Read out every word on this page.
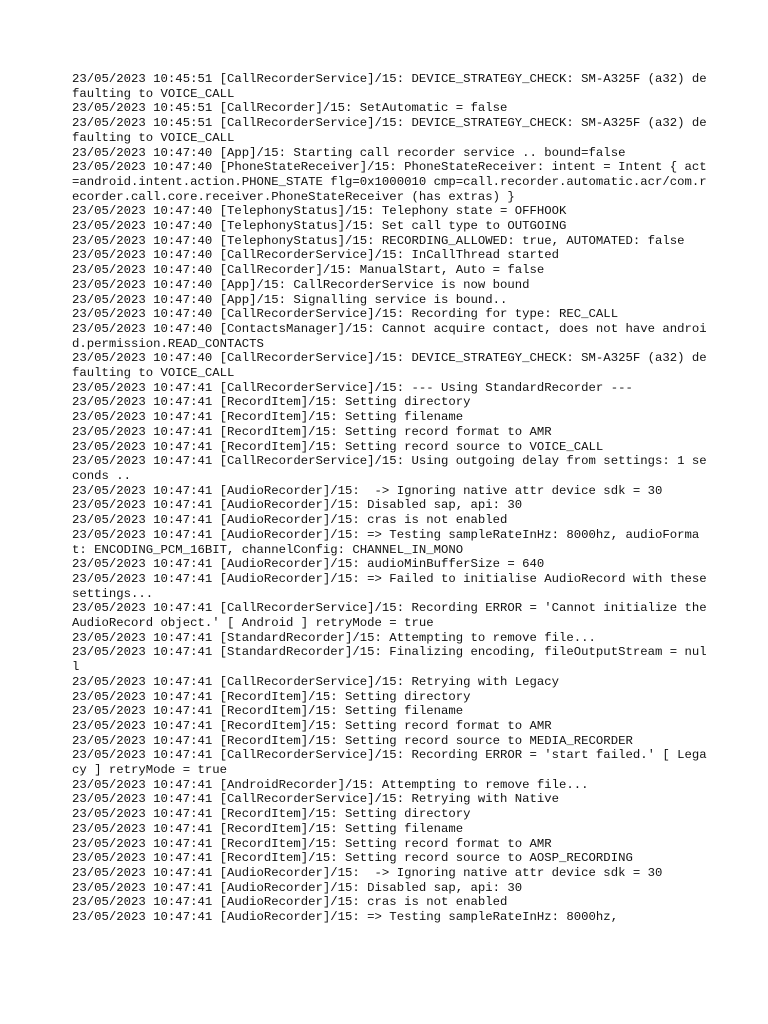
23/05/2023 10:45:51 [CallRecorderService]/15: DEVICE_STRATEGY_CHECK: SM-A325F (a32) defaulting to VOICE_CALL
23/05/2023 10:45:51 [CallRecorder]/15: SetAutomatic = false
23/05/2023 10:45:51 [CallRecorderService]/15: DEVICE_STRATEGY_CHECK: SM-A325F (a32) defaulting to VOICE_CALL
23/05/2023 10:47:40 [App]/15: Starting call recorder service .. bound=false
23/05/2023 10:47:40 [PhoneStateReceiver]/15: PhoneStateReceiver: intent = Intent { act=android.intent.action.PHONE_STATE flg=0x1000010 cmp=call.recorder.automatic.acr/com.recorder.call.core.receiver.PhoneStateReceiver (has extras) }
23/05/2023 10:47:40 [TelephonyStatus]/15: Telephony state = OFFHOOK
23/05/2023 10:47:40 [TelephonyStatus]/15: Set call type to OUTGOING
23/05/2023 10:47:40 [TelephonyStatus]/15: RECORDING_ALLOWED: true, AUTOMATED: false
23/05/2023 10:47:40 [CallRecorderService]/15: InCallThread started
23/05/2023 10:47:40 [CallRecorder]/15: ManualStart, Auto = false
23/05/2023 10:47:40 [App]/15: CallRecorderService is now bound
23/05/2023 10:47:40 [App]/15: Signalling service is bound..
23/05/2023 10:47:40 [CallRecorderService]/15: Recording for type: REC_CALL
23/05/2023 10:47:40 [ContactsManager]/15: Cannot acquire contact, does not have android.permission.READ_CONTACTS
23/05/2023 10:47:40 [CallRecorderService]/15: DEVICE_STRATEGY_CHECK: SM-A325F (a32) defaulting to VOICE_CALL
23/05/2023 10:47:41 [CallRecorderService]/15: --- Using StandardRecorder ---
23/05/2023 10:47:41 [RecordItem]/15: Setting directory
23/05/2023 10:47:41 [RecordItem]/15: Setting filename
23/05/2023 10:47:41 [RecordItem]/15: Setting record format to AMR
23/05/2023 10:47:41 [RecordItem]/15: Setting record source to VOICE_CALL
23/05/2023 10:47:41 [CallRecorderService]/15: Using outgoing delay from settings: 1 seconds ..
23/05/2023 10:47:41 [AudioRecorder]/15:  -> Ignoring native attr device sdk = 30
23/05/2023 10:47:41 [AudioRecorder]/15: Disabled sap, api: 30
23/05/2023 10:47:41 [AudioRecorder]/15: cras is not enabled
23/05/2023 10:47:41 [AudioRecorder]/15: => Testing sampleRateInHz: 8000hz, audioFormat: ENCODING_PCM_16BIT, channelConfig: CHANNEL_IN_MONO
23/05/2023 10:47:41 [AudioRecorder]/15: audioMinBufferSize = 640
23/05/2023 10:47:41 [AudioRecorder]/15: => Failed to initialise AudioRecord with these settings...
23/05/2023 10:47:41 [CallRecorderService]/15: Recording ERROR = 'Cannot initialize the AudioRecord object.' [ Android ] retryMode = true
23/05/2023 10:47:41 [StandardRecorder]/15: Attempting to remove file...
23/05/2023 10:47:41 [StandardRecorder]/15: Finalizing encoding, fileOutputStream = null
23/05/2023 10:47:41 [CallRecorderService]/15: Retrying with Legacy
23/05/2023 10:47:41 [RecordItem]/15: Setting directory
23/05/2023 10:47:41 [RecordItem]/15: Setting filename
23/05/2023 10:47:41 [RecordItem]/15: Setting record format to AMR
23/05/2023 10:47:41 [RecordItem]/15: Setting record source to MEDIA_RECORDER
23/05/2023 10:47:41 [CallRecorderService]/15: Recording ERROR = 'start failed.' [ Legacy ] retryMode = true
23/05/2023 10:47:41 [AndroidRecorder]/15: Attempting to remove file...
23/05/2023 10:47:41 [CallRecorderService]/15: Retrying with Native
23/05/2023 10:47:41 [RecordItem]/15: Setting directory
23/05/2023 10:47:41 [RecordItem]/15: Setting filename
23/05/2023 10:47:41 [RecordItem]/15: Setting record format to AMR
23/05/2023 10:47:41 [RecordItem]/15: Setting record source to AOSP_RECORDING
23/05/2023 10:47:41 [AudioRecorder]/15:  -> Ignoring native attr device sdk = 30
23/05/2023 10:47:41 [AudioRecorder]/15: Disabled sap, api: 30
23/05/2023 10:47:41 [AudioRecorder]/15: cras is not enabled
23/05/2023 10:47:41 [AudioRecorder]/15: => Testing sampleRateInHz: 8000hz,
